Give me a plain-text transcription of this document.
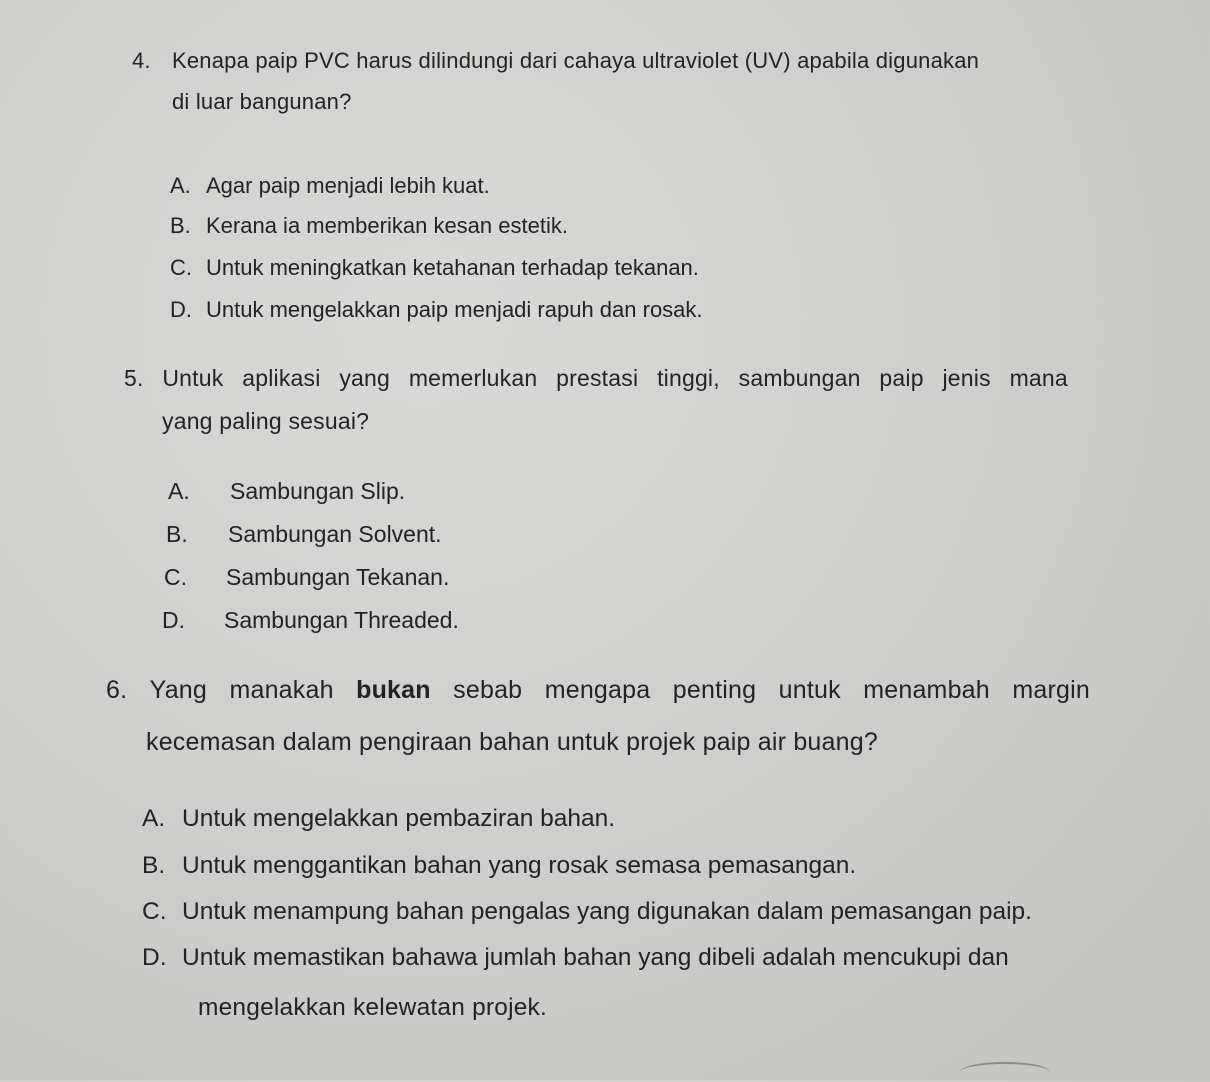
4. Kenapa paip PVC harus dilindungi dari cahaya ultraviolet (UV) apabila digunakan
di luar bangunan?
A. Agar paip menjadi lebih kuat.
B. Kerana ia memberikan kesan estetik.
C. Untuk meningkatkan ketahanan terhadap tekanan.
D. Untuk mengelakkan paip menjadi rapuh dan rosak.
5. Untuk aplikasi yang memerlukan prestasi tinggi, sambungan paip jenis mana
yang paling sesuai?
A.	Sambungan Slip.
B.	Sambungan Solvent.
C.	Sambungan Tekanan.
D.	Sambungan Threaded.
6. Yang manakah bukan sebab mengapa penting untuk menambah margin
kecemasan dalam pengiraan bahan untuk projek paip air buang?
A. Untuk mengelakkan pembaziran bahan.
B. Untuk menggantikan bahan yang rosak semasa pemasangan.
C. Untuk menampung bahan pengalas yang digunakan dalam pemasangan paip.
D. Untuk memastikan bahawa jumlah bahan yang dibeli adalah mencukupi dan
mengelakkan kelewatan projek.
